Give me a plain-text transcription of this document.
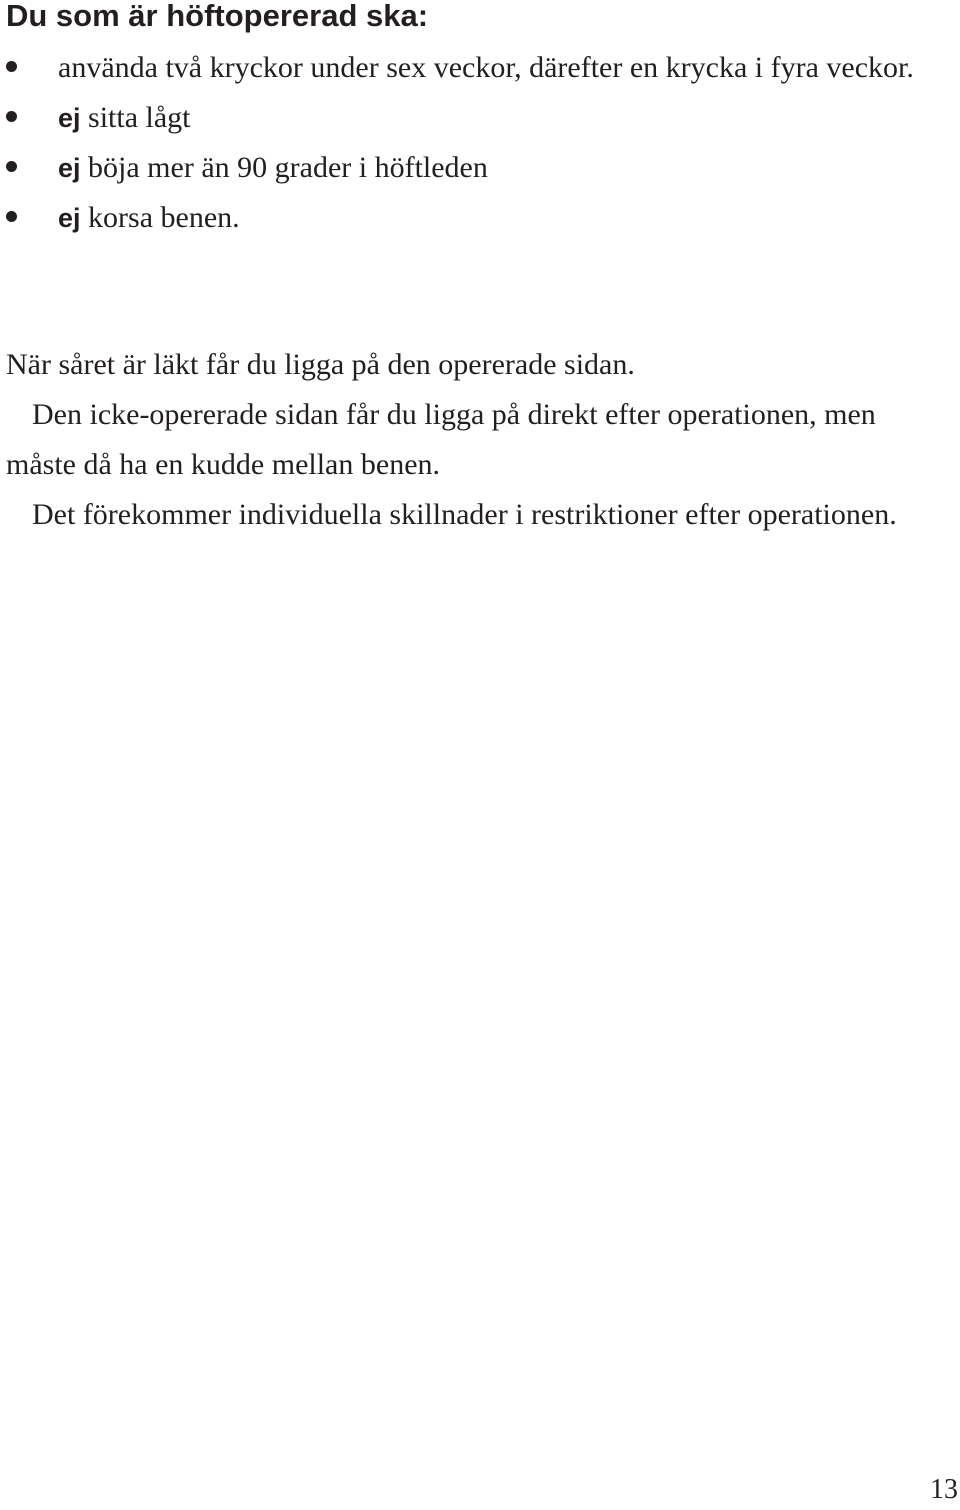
Du som är höftopererad ska:
använda två kryckor under sex veckor, därefter en krycka i fyra veckor.
ej sitta lågt
ej böja mer än 90 grader i höftleden
ej korsa benen.

När såret är läkt får du ligga på den opererade sidan.

Den icke-opererade sidan får du ligga på direkt efter operationen, men måste då ha en kudde mellan benen.

Det förekommer individuella skillnader i restriktioner efter operationen.

13
